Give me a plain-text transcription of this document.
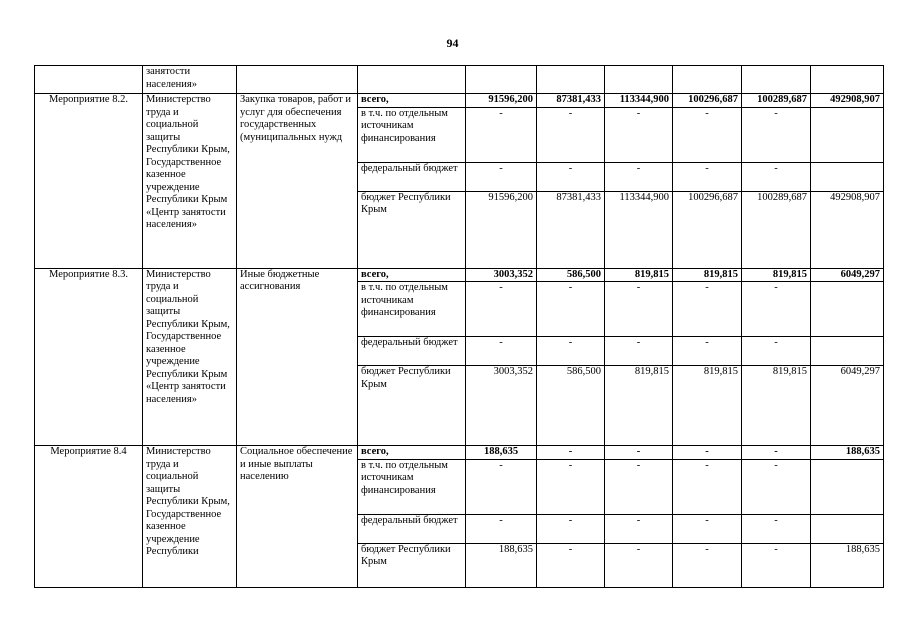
94
	занятости населения»								
Мероприятие 8.2.	Министерство труда и социальной защиты Республики Крым, Государственное казенное учреждение Республики Крым «Центр занятости населения»	Закупка товаров, работ и услуг для обеспечения государственных (муниципальных нужд	всего,	91596,200	87381,433	113344,900	100296,687	100289,687	492908,907
			в т.ч. по отдельным источникам финансирования	-	-	-	-	-	
			федеральный бюджет	-	-	-	-	-	
			бюджет Республики Крым	91596,200	87381,433	113344,900	100296,687	100289,687	492908,907
Мероприятие 8.3.	Министерство труда и социальной защиты Республики Крым, Государственное казенное учреждение Республики Крым «Центр занятости населения»	Иные бюджетные ассигнования	всего,	3003,352	586,500	819,815	819,815	819,815	6049,297
			в т.ч. по отдельным источникам финансирования	-	-	-	-	-	
			федеральный бюджет	-	-	-	-	-	
			бюджет Республики Крым	3003,352	586,500	819,815	819,815	819,815	6049,297
Мероприятие 8.4	Министерство труда и социальной защиты Республики Крым, Государственное казенное учреждение Республики	Социальное обеспечение и иные выплаты населению	всего,	188,635	-	-	-	-	188,635
			в т.ч. по отдельным источникам финансирования	-	-	-	-	-	
			федеральный бюджет	-	-	-	-	-	
			бюджет Республики Крым	188,635	-	-	-	-	188,635
